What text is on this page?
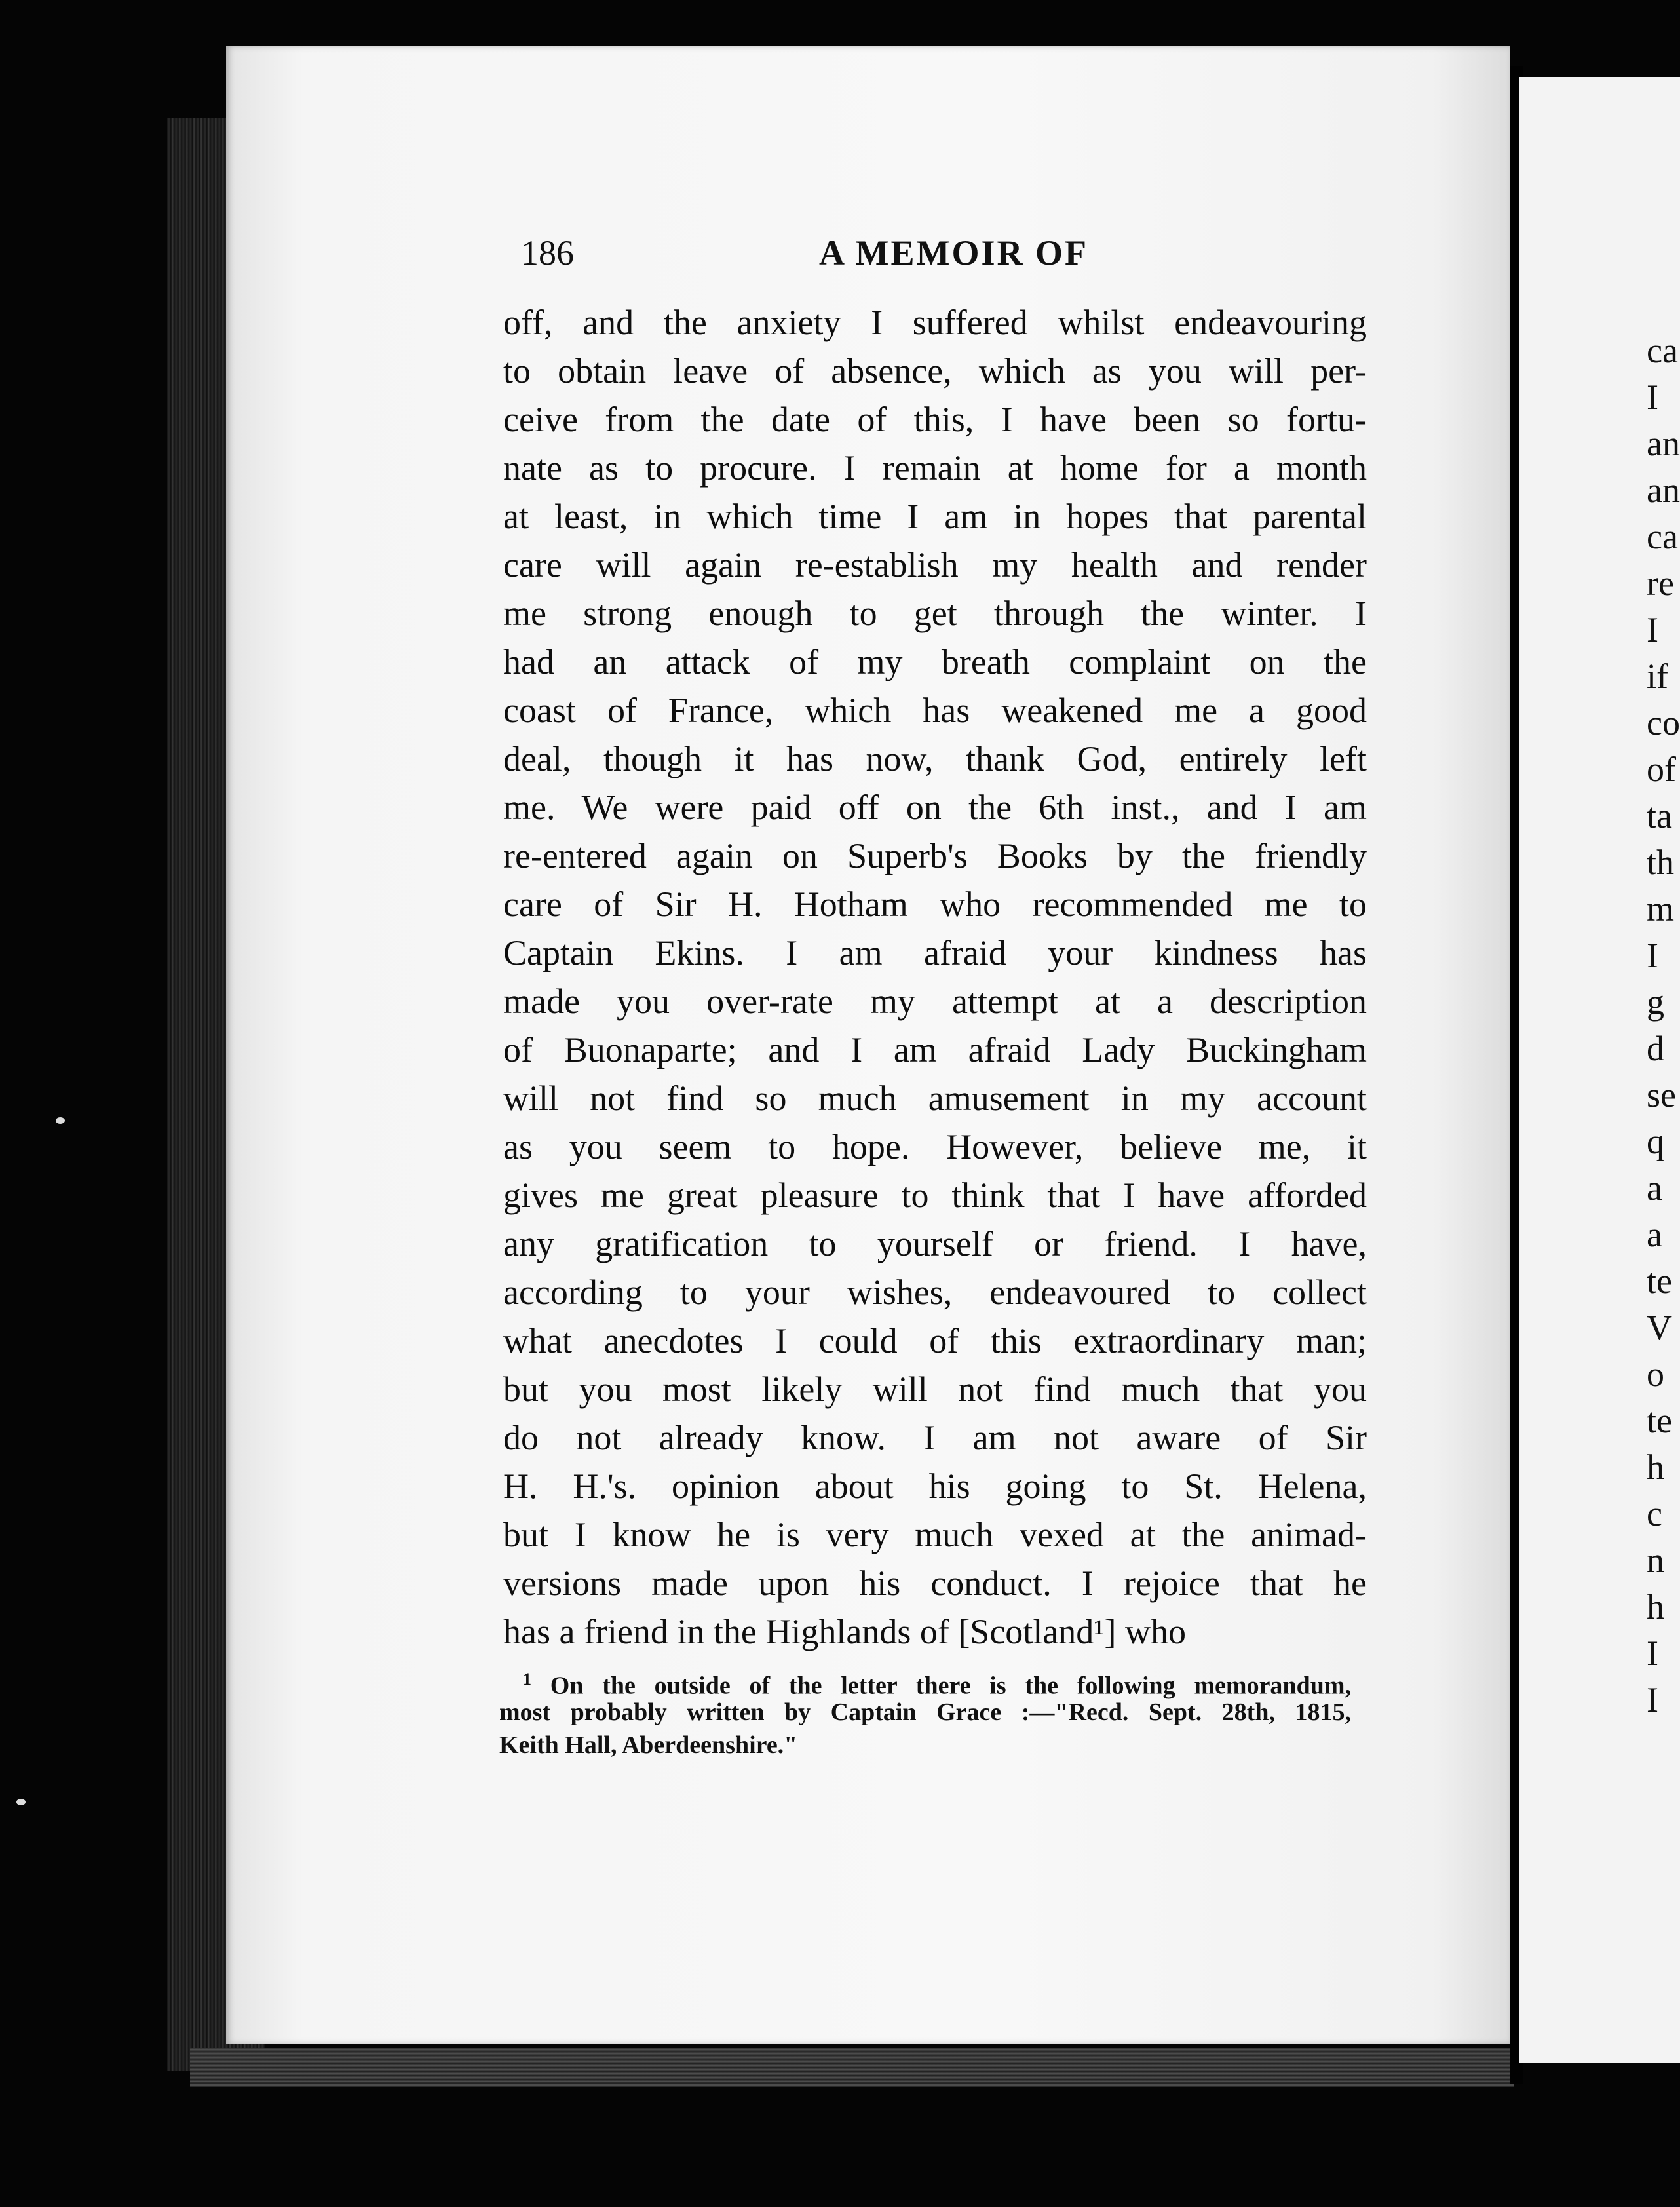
186	A MEMOIR OF
off, and the anxiety I suffered whilst endeavouring
to obtain leave of absence, which as you will per-
ceive from the date of this, I have been so fortu-
nate as to procure. I remain at home for a month
at least, in which time I am in hopes that parental
care will again re-establish my health and render
me strong enough to get through the winter. I
had an attack of my breath complaint on the
coast of France, which has weakened me a good
deal, though it has now, thank God, entirely left
me. We were paid off on the 6th inst., and I am
re-entered again on Superb's Books by the friendly
care of Sir H. Hotham who recommended me to
Captain Ekins. I am afraid your kindness has
made you over-rate my attempt at a description
of Buonaparte; and I am afraid Lady Buckingham
will not find so much amusement in my account
as you seem to hope. However, believe me, it
gives me great pleasure to think that I have afforded
any gratification to yourself or friend. I have,
according to your wishes, endeavoured to collect
what anecdotes I could of this extraordinary man;
but you most likely will not find much that you
do not already know. I am not aware of Sir
H. H.'s. opinion about his going to St. Helena,
but I know he is very much vexed at the animad-
versions made upon his conduct. I rejoice that he
has a friend in the Highlands of [Scotland¹] who
$^1$ On the outside of the letter there is the following memorandum,
most probably written by Captain Grace :—"Recd. Sept. 28th, 1815,
Keith Hall, Aberdeenshire."
ca
I
an
an
ca
re
I
if
co
of
ta
th
m
I
g
d
se
q
a
a
te
V
o
te
h
c
n
h
I
I
